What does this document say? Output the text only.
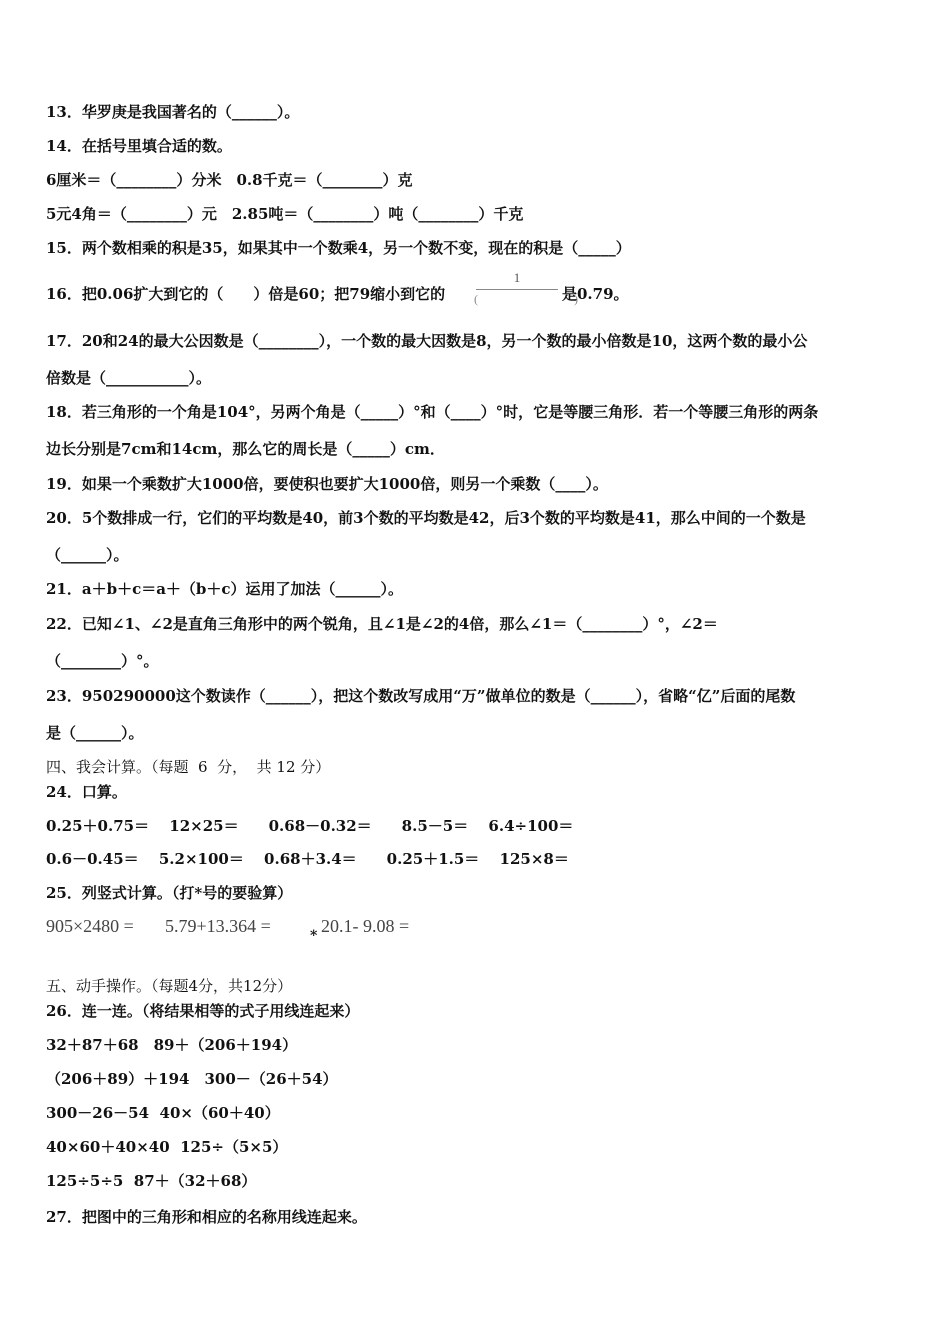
13．华罗庚是我国著名的（______）。
14．在括号里填合适的数。
6厘米＝（________）分米　0.8千克＝（________）克
5元4角＝（________）元　2.85吨＝（________）吨（________）千克
15．两个数相乘的积是35，如果其中一个数乘4，另一个数不变，现在的积是（_____）
16．把0.06扩大到它的（　　）倍是60；把79缩小到它的
1
(　　　　　　　　)
是0.79。
17．20和24的最大公因数是（________），一个数的最大因数是8，另一个数的最小倍数是10，这两个数的最小公
倍数是（___________）。
18．若三角形的一个角是104°，另两个角是（_____）°和（____）°时，它是等腰三角形．若一个等腰三角形的两条
边长分别是7cm和14cm，那么它的周长是（_____）cm．
19．如果一个乘数扩大1000倍，要使积也要扩大1000倍，则另一个乘数（____）。
20．5个数排成一行，它们的平均数是40，前3个数的平均数是42，后3个数的平均数是41，那么中间的一个数是
（______）。
21．a＋b＋c＝a＋（b＋c）运用了加法（______）。
22．已知∠1、∠2是直角三角形中的两个锐角，且∠1是∠2的4倍，那么∠1＝（________）°，∠2＝
（________）°。
23．950290000这个数读作（______），把这个数改写成用“万”做单位的数是（______），省略“亿”后面的尾数
是（______）。
四、我会计算。（每题  6  分，  共 12 分）
24．口算。
0.25＋0.75＝　 12×25＝　　0.68－0.32＝　　8.5－5＝　 6.4÷100＝
0.6－0.45＝　 5.2×100＝　 0.68＋3.4＝　　0.25＋1.5＝　 125×8＝
25．列竖式计算。（打*号的要验算）
905×2480 = 5.79+13.364 =	* 20.1- 9.08 =
五、动手操作。（每题4分，共12分）
26．连一连。（将结果相等的式子用线连起来）
32＋87＋68　89＋（206＋194）
（206＋89）＋194　300－（26＋54）
300－26－54  40×（60＋40）
40×60＋40×40  125÷（5×5）
125÷5÷5  87＋（32＋68）
27．把图中的三角形和相应的名称用线连起来。
